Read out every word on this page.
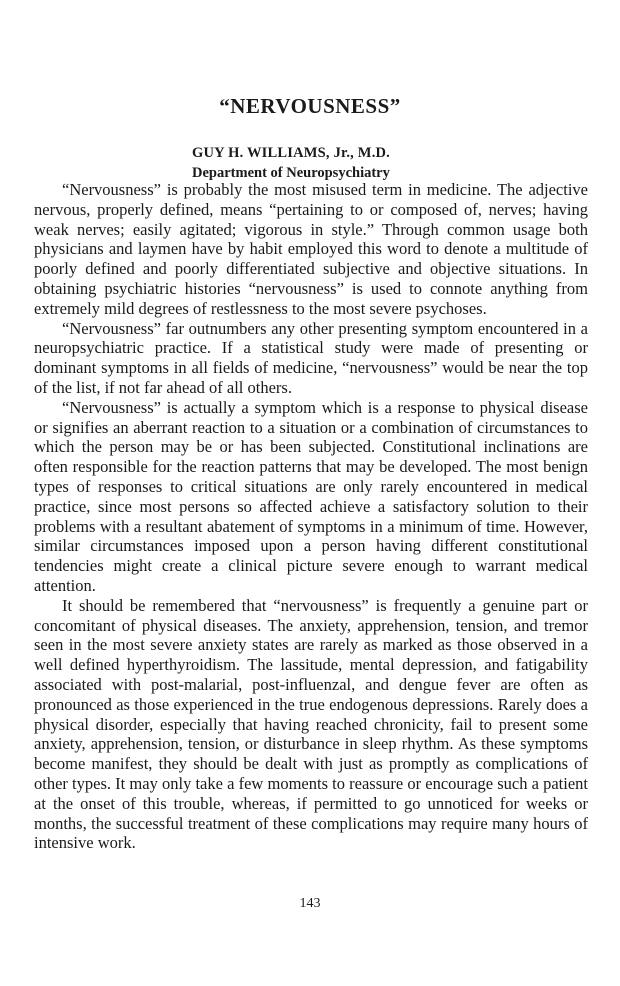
“NERVOUSNESS”
GUY H. WILLIAMS, Jr., M.D.
Department of Neuropsychiatry

“Nervousness” is probably the most misused term in medicine. The adjective nervous, properly defined, means “pertaining to or composed of, nerves; having weak nerves; easily agitated; vigorous in style.” Through common usage both physicians and laymen have by habit employed this word to denote a multitude of poorly defined and poorly differentiated subjective and objective situations. In obtaining psychiatric histories “nervousness” is used to connote anything from extremely mild degrees of restlessness to the most severe psychoses.

“Nervousness” far outnumbers any other presenting symptom encountered in a neuropsychiatric practice. If a statistical study were made of presenting or dominant symptoms in all fields of medicine, “nervousness” would be near the top of the list, if not far ahead of all others.

“Nervousness” is actually a symptom which is a response to physical disease or signifies an aberrant reaction to a situation or a combination of circumstances to which the person may be or has been subjected. Constitutional inclinations are often responsible for the reaction patterns that may be developed. The most benign types of responses to critical situations are only rarely encountered in medical practice, since most persons so affected achieve a satisfactory solution to their problems with a resultant abatement of symptoms in a minimum of time. However, similar circumstances imposed upon a person having different constitutional tendencies might create a clinical picture severe enough to warrant medical attention.

It should be remembered that “nervousness” is frequently a genuine part or concomitant of physical diseases. The anxiety, apprehension, tension, and tremor seen in the most severe anxiety states are rarely as marked as those observed in a well defined hyperthyroidism. The lassitude, mental depression, and fatigability associated with post-malarial, post-influenzal, and dengue fever are often as pronounced as those experienced in the true endogenous depressions. Rarely does a physical disorder, especially that having reached chronicity, fail to present some anxiety, apprehension, tension, or disturbance in sleep rhythm. As these symptoms become manifest, they should be dealt with just as promptly as complications of other types. It may only take a few moments to reassure or encourage such a patient at the onset of this trouble, whereas, if permitted to go unnoticed for weeks or months, the successful treatment of these complications may require many hours of intensive work.

143
